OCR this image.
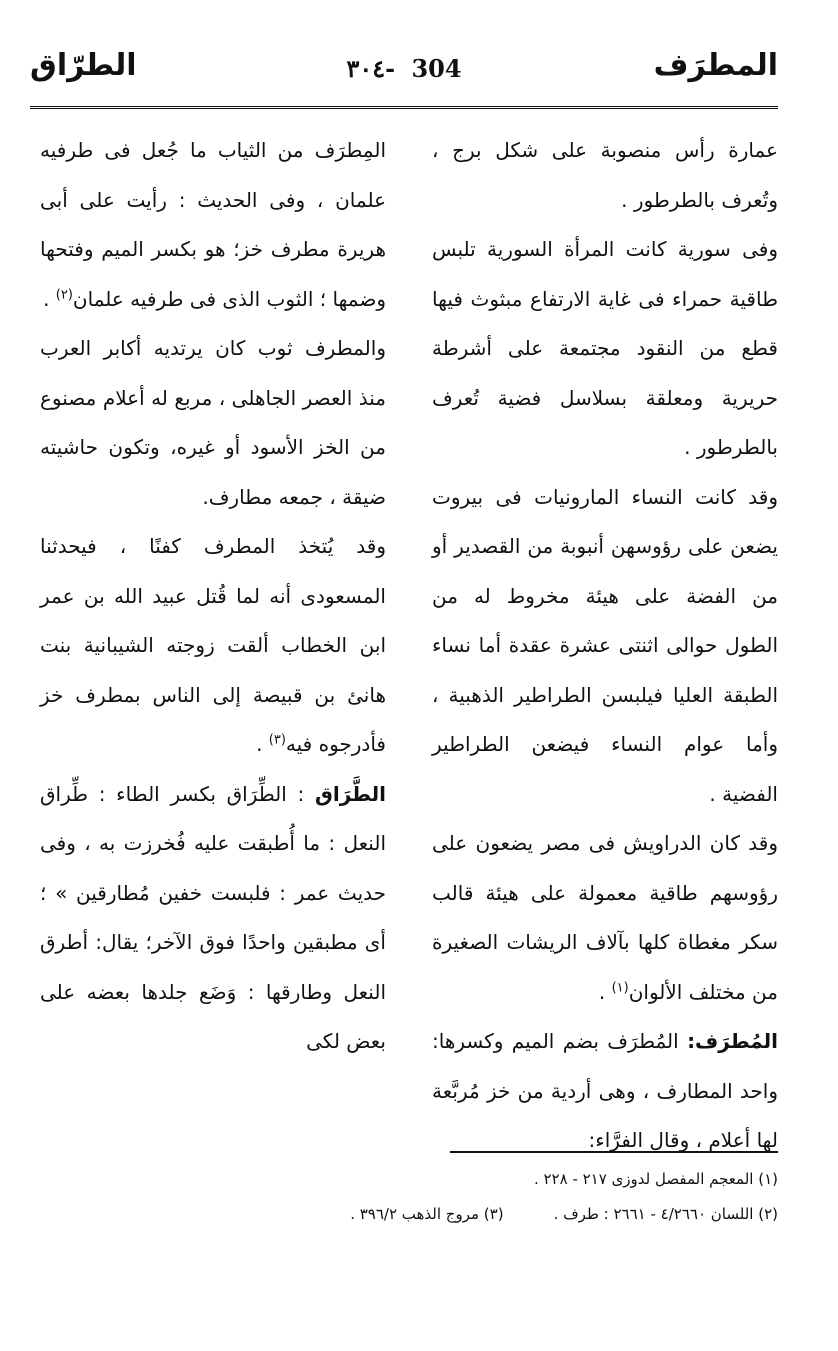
المطرَف
٣٠٤- 304
الطرّاق

عمارة رأس منصوبة على شكل برج ، وتُعرف بالطرطور .

وفى سورية كانت المرأة السورية تلبس طاقية حمراء فى غاية الارتفاع مبثوث فيها قطع من النقود مجتمعة على أشرطة حريرية ومعلقة بسلاسل فضية تُعرف بالطرطور .

وقد كانت النساء المارونيات فى بيروت يضعن على رؤوسهن أنبوبة من القصدير أو من الفضة على هيئة مخروط له من الطول حوالى اثنتى عشرة عقدة أما نساء الطبقة العليا فيلبسن الطراطير الذهبية ، وأما عوام النساء فيضعن الطراطير الفضية .

وقد كان الدراويش فى مصر يضعون على رؤوسهم طاقية معمولة على هيئة قالب سكر مغطاة كلها بآلاف الريشات الصغيرة من مختلف الألوان$^{(١)}$ .

المُطرَف: المُطرَف بضم الميم وكسرها: واحد المطارف ، وهى أردية من خز مُربَّعة لها أعلام ، وقال الفرَّاء:

المِطرَف من الثياب ما جُعل فى طرفيه علمان ، وفى الحديث : رأيت على أبى هريرة مطرف خز؛ هو بكسر الميم وفتحها وضمها ؛ الثوب الذى فى طرفيه علمان$^{(٢)}$ .

والمطرف ثوب كان يرتديه أكابر العرب منذ العصر الجاهلى ، مربع له أعلام مصنوع من الخز الأسود أو غيره، وتكون حاشيته ضيقة ، جمعه مطارف.

وقد يُتخذ المطرف كفنًا ، فيحدثنا المسعودى أنه لما قُتل عبيد الله بن عمر ابن الخطاب ألقت زوجته الشيبانية بنت هانئ بن قبيصة إلى الناس بمطرف خز فأدرجوه فيه$^{(٣)}$ .

الطَّرَاق : الطِّرَاق بكسر الطاء : طِّراق النعل : ما أُطبقت عليه فُخرزت به ، وفى حديث عمر : فلبست خفين مُطارقين » ؛ أى مطبقين واحدًا فوق الآخر؛ يقال: أطرق النعل وطارقها : وَضَع جلدها بعضه على بعض لكى

(١) المعجم المفصل لدوزى ٢١٧ - ٢٢٨ .
(٢) اللسان ٤/٢٦٦٠ - ٢٦٦١ : طرف .(٣) مروج الذهب ٣٩٦/٢ .
